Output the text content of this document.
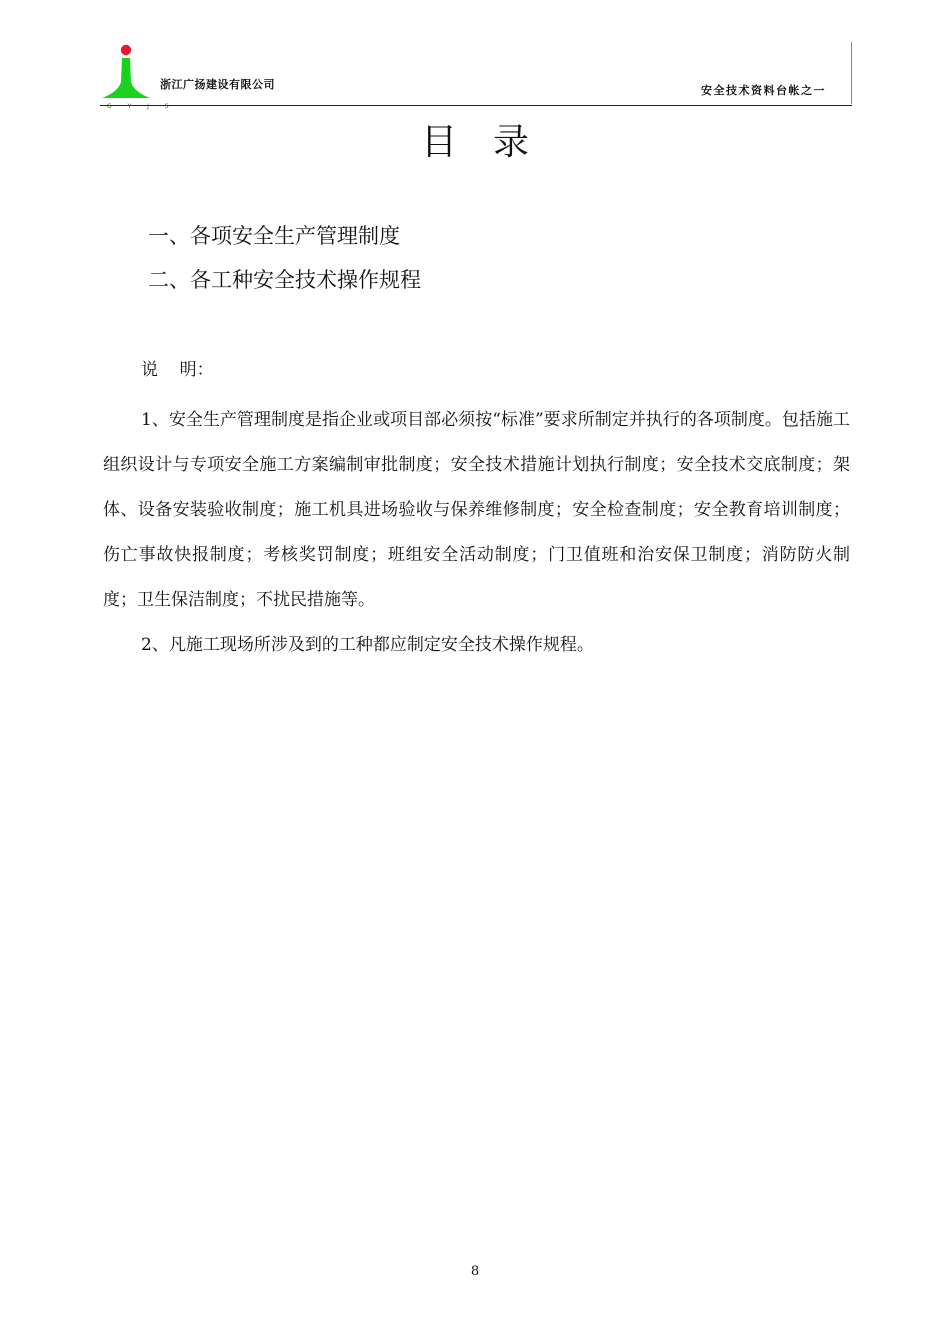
浙江广扬建设有限公司
G Y J S
安全技术资料台帐之一
目录
一、各项安全生产管理制度
二、各工种安全技术操作规程
说    明：
1、安全生产管理制度是指企业或项目部必须按“标准”要求所制定并执行的各项制度。包括施工组织设计与专项安全施工方案编制审批制度；安全技术措施计划执行制度；安全技术交底制度；架体、设备安装验收制度；施工机具进场验收与保养维修制度；安全检查制度；安全教育培训制度；伤亡事故快报制度；考核奖罚制度；班组安全活动制度；门卫值班和治安保卫制度；消防防火制度；卫生保洁制度；不扰民措施等。
2、凡施工现场所涉及到的工种都应制定安全技术操作规程。
8
